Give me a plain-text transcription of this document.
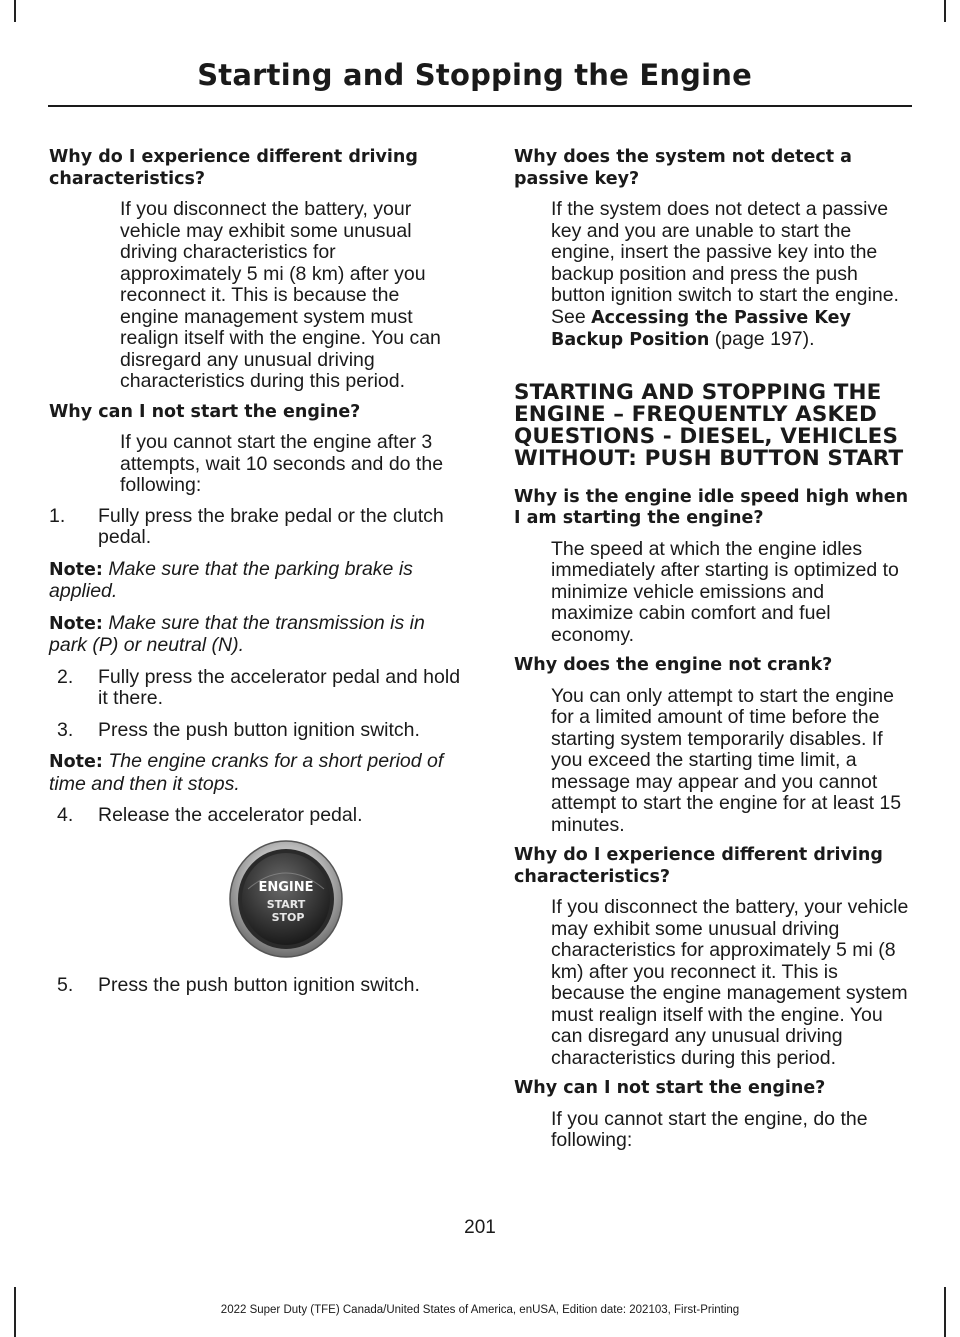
Starting and Stopping the Engine
Why do I experience different driving characteristics?
If you disconnect the battery, your vehicle may exhibit some unusual driving characteristics for approximately 5 mi (8 km) after you reconnect it. This is because the engine management system must realign itself with the engine. You can disregard any unusual driving characteristics during this period.
Why can I not start the engine?
If you cannot start the engine after 3 attempts, wait 10 seconds and do the following:
1.	Fully press the brake pedal or the clutch pedal.
Note: Make sure that the parking brake is applied.
Note: Make sure that the transmission is in park (P) or neutral (N).
2.	Fully press the accelerator pedal and hold it there.
3.	Press the push button ignition switch.
Note: The engine cranks for a short period of time and then it stops.
4.	Release the accelerator pedal.
ENGINE
START
STOP
5.	Press the push button ignition switch.
Why does the system not detect a passive key?
If the system does not detect a passive key and you are unable to start the engine, insert the passive key into the backup position and press the push button ignition switch to start the engine. See Accessing the Passive Key Backup Position (page 197).
STARTING AND STOPPING THE ENGINE – FREQUENTLY ASKED QUESTIONS - DIESEL, VEHICLES WITHOUT: PUSH BUTTON START
Why is the engine idle speed high when I am starting the engine?
The speed at which the engine idles immediately after starting is optimized to minimize vehicle emissions and maximize cabin comfort and fuel economy.
Why does the engine not crank?
You can only attempt to start the engine for a limited amount of time before the starting system temporarily disables. If you exceed the starting time limit, a message may appear and you cannot attempt to start the engine for at least 15 minutes.
Why do I experience different driving characteristics?
If you disconnect the battery, your vehicle may exhibit some unusual driving characteristics for approximately 5 mi (8 km) after you reconnect it. This is because the engine management system must realign itself with the engine. You can disregard any unusual driving characteristics during this period.
Why can I not start the engine?
If you cannot start the engine, do the following:
201
2022 Super Duty (TFE) Canada/United States of America, enUSA, Edition date: 202103, First-Printing
